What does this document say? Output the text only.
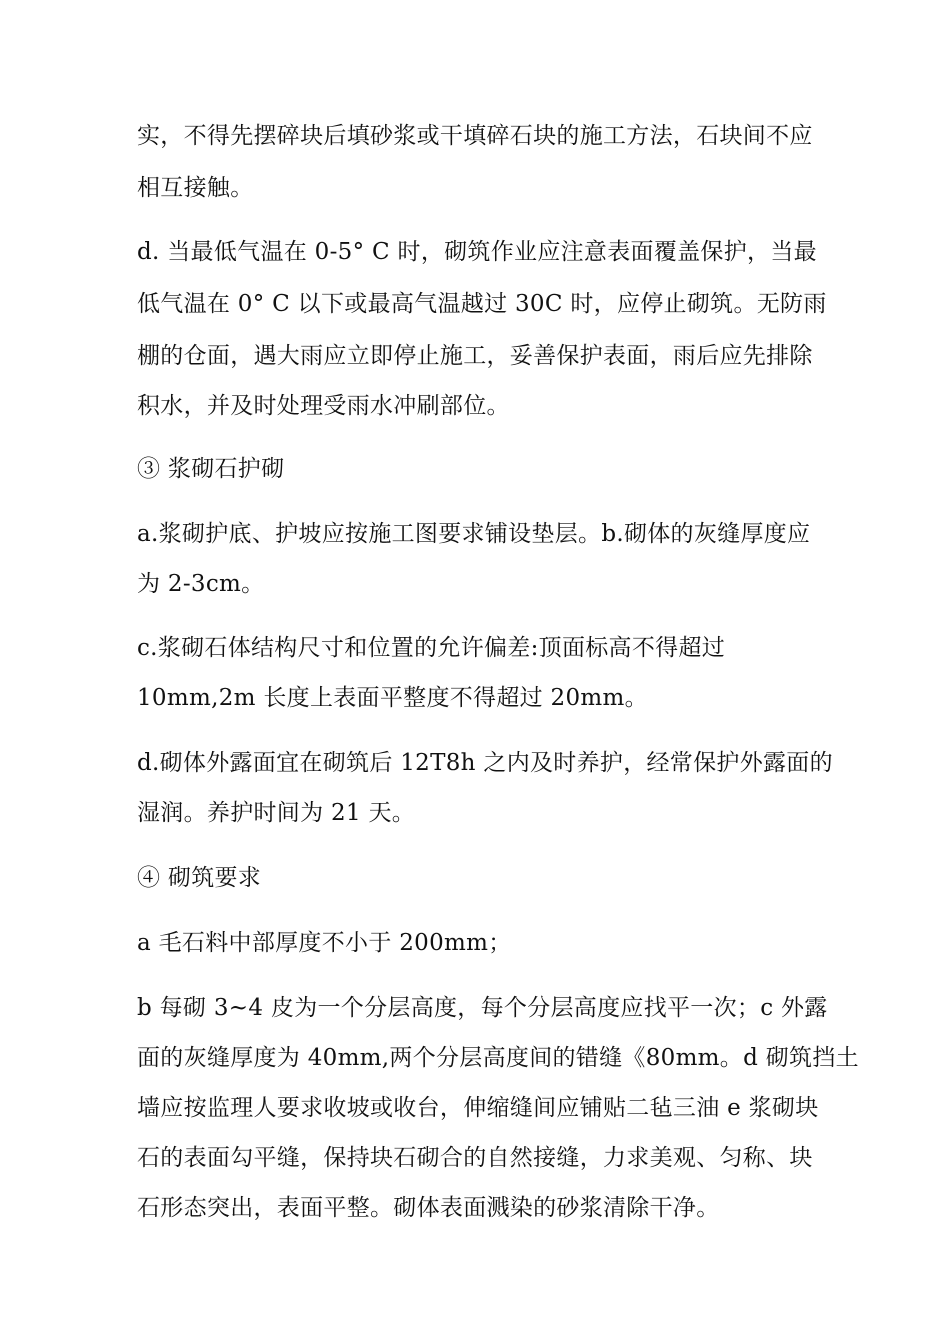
实，不得先摆碎块后填砂浆或干填碎石块的施工方法，石块间不应
相互接触。
d. 当最低气温在 0-5° C 时，砌筑作业应注意表面覆盖保护，当最
低气温在 0° C 以下或最高气温越过 30C 时，应停止砌筑。无防雨
棚的仓面，遇大雨应立即停止施工，妥善保护表面，雨后应先排除
积水，并及时处理受雨水冲刷部位。
③ 浆砌石护砌
a.浆砌护底、护坡应按施工图要求铺设垫层。b.砌体的灰缝厚度应
为 2-3cm。
c.浆砌石体结构尺寸和位置的允许偏差:顶面标高不得超过
10mm,2m 长度上表面平整度不得超过 20mm。
d.砌体外露面宜在砌筑后 12T8h 之内及时养护，经常保护外露面的
湿润。养护时间为 21 天。
④ 砌筑要求
a 毛石料中部厚度不小于 200mm；
b 每砌 3~4 皮为一个分层高度，每个分层高度应找平一次；c 外露
面的灰缝厚度为 40mm,两个分层高度间的错缝《80mm。d 砌筑挡土
墙应按监理人要求收坡或收台，伸缩缝间应铺贴二毡三油 e 浆砌块
石的表面勾平缝，保持块石砌合的自然接缝，力求美观、匀称、块
石形态突出，表面平整。砌体表面溅染的砂浆清除干净。
